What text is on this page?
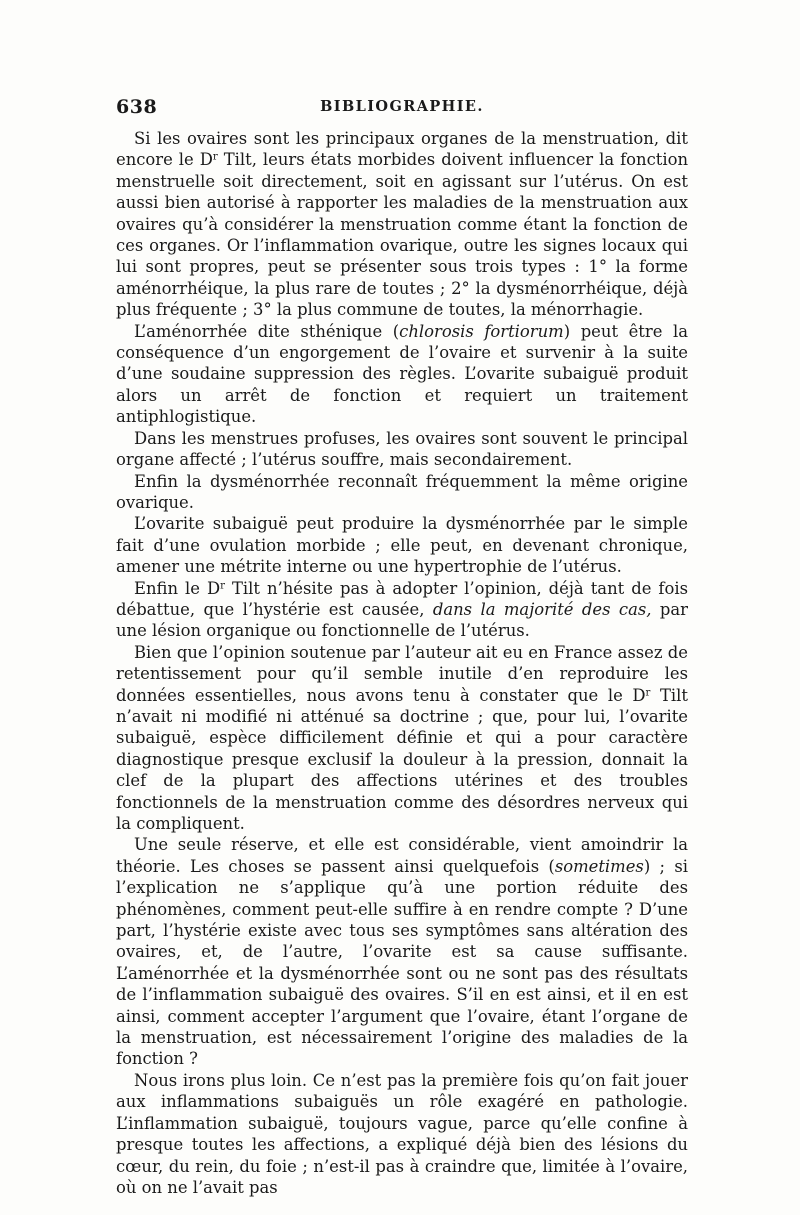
638	BIBLIOGRAPHIE.

Si les ovaires sont les principaux organes de la menstruation, dit encore le $D^r$ Tilt, leurs états morbides doivent influencer la fonction menstruelle soit directement, soit en agissant sur l’utérus. On est aussi bien autorisé à rapporter les maladies de la menstruation aux ovaires qu’à considérer la menstruation comme étant la fonction de ces organes. Or l’inflammation ovarique, outre les signes locaux qui lui sont propres, peut se présenter sous trois types : 1° la forme aménorrhéique, la plus rare de toutes ; 2° la dysménorrhéique, déjà plus fréquente ; 3° la plus commune de toutes, la ménorrhagie.

L’aménorrhée dite sthénique (chlorosis fortiorum) peut être la conséquence d’un engorgement de l’ovaire et survenir à la suite d’une soudaine suppression des règles. L’ovarite subaiguë produit alors un arrêt de fonction et requiert un traitement antiphlogistique.

Dans les menstrues profuses, les ovaires sont souvent le principal organe affecté ; l’utérus souffre, mais secondairement.

Enfin la dysménorrhée reconnaît fréquemment la même origine ovarique.

L’ovarite subaiguë peut produire la dysménorrhée par le simple fait d’une ovulation morbide ; elle peut, en devenant chronique, amener une métrite interne ou une hypertrophie de l’utérus.

Enfin le $D^r$ Tilt n’hésite pas à adopter l’opinion, déjà tant de fois débattue, que l’hystérie est causée, dans la majorité des cas, par une lésion organique ou fonctionnelle de l’utérus.

Bien que l’opinion soutenue par l’auteur ait eu en France assez de retentissement pour qu’il semble inutile d’en reproduire les données essentielles, nous avons tenu à constater que le $D^r$ Tilt n’avait ni modifié ni atténué sa doctrine ; que, pour lui, l’ovarite subaiguë, espèce difficilement définie et qui a pour caractère diagnostique presque exclusif la douleur à la pression, donnait la clef de la plupart des affections utérines et des troubles fonctionnels de la menstruation comme des désordres nerveux qui la compliquent.

Une seule réserve, et elle est considérable, vient amoindrir la théorie. Les choses se passent ainsi quelquefois (sometimes) ; si l’explication ne s’applique qu’à une portion réduite des phénomènes, comment peut-elle suffire à en rendre compte ? D’une part, l’hystérie existe avec tous ses symptômes sans altération des ovaires, et, de l’autre, l’ovarite est sa cause suffisante. L’aménorrhée et la dysménorrhée sont ou ne sont pas des résultats de l’inflammation subaiguë des ovaires. S’il en est ainsi, et il en est ainsi, comment accepter l’argument que l’ovaire, étant l’organe de la menstruation, est nécessairement l’origine des maladies de la fonction ?

Nous irons plus loin. Ce n’est pas la première fois qu’on fait jouer aux inflammations subaiguës un rôle exagéré en pathologie. L’inflammation subaiguë, toujours vague, parce qu’elle confine à presque toutes les affections, a expliqué déjà bien des lésions du cœur, du rein, du foie ; n’est-il pas à craindre que, limitée à l’ovaire, où on ne l’avait pas
